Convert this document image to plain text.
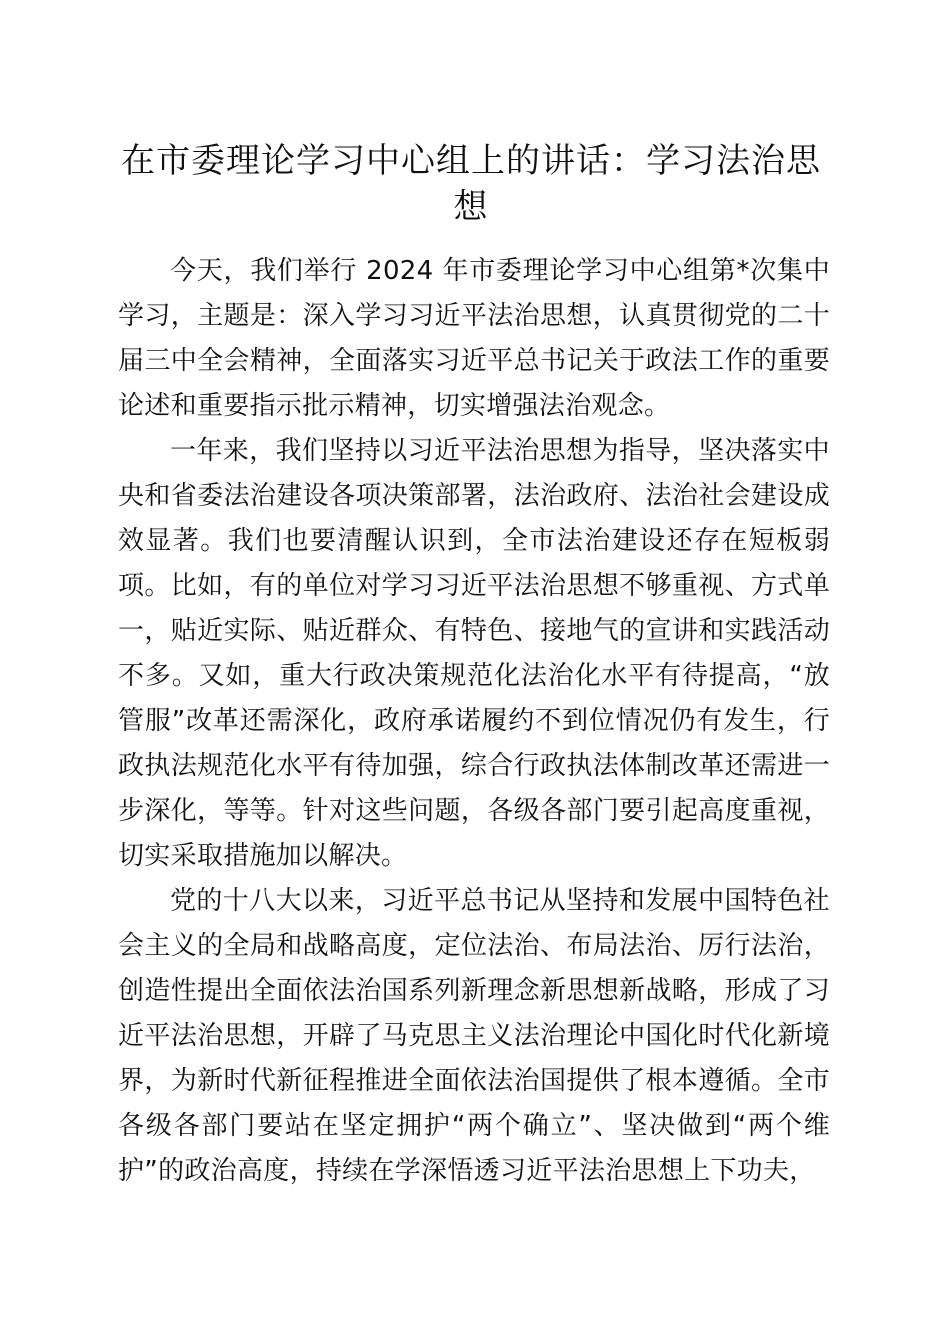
在市委理论学习中心组上的讲话：学习法治思想

今天，我们举行 2024 年市委理论学习中心组第*次集中学习，主题是：深入学习习近平法治思想，认真贯彻党的二十届三中全会精神，全面落实习近平总书记关于政法工作的重要论述和重要指示批示精神，切实增强法治观念。

一年来，我们坚持以习近平法治思想为指导，坚决落实中央和省委法治建设各项决策部署，法治政府、法治社会建设成效显著。我们也要清醒认识到，全市法治建设还存在短板弱项。比如，有的单位对学习习近平法治思想不够重视、方式单一，贴近实际、贴近群众、有特色、接地气的宣讲和实践活动不多。又如，重大行政决策规范化法治化水平有待提高，“放管服”改革还需深化，政府承诺履约不到位情况仍有发生，行政执法规范化水平有待加强，综合行政执法体制改革还需进一步深化，等等。针对这些问题，各级各部门要引起高度重视，切实采取措施加以解决。

党的十八大以来，习近平总书记从坚持和发展中国特色社会主义的全局和战略高度，定位法治、布局法治、厉行法治，创造性提出全面依法治国系列新理念新思想新战略，形成了习近平法治思想，开辟了马克思主义法治理论中国化时代化新境界，为新时代新征程推进全面依法治国提供了根本遵循。全市各级各部门要站在坚定拥护“两个确立”、坚决做到“两个维护”的政治高度，持续在学深悟透习近平法治思想上下功夫，
